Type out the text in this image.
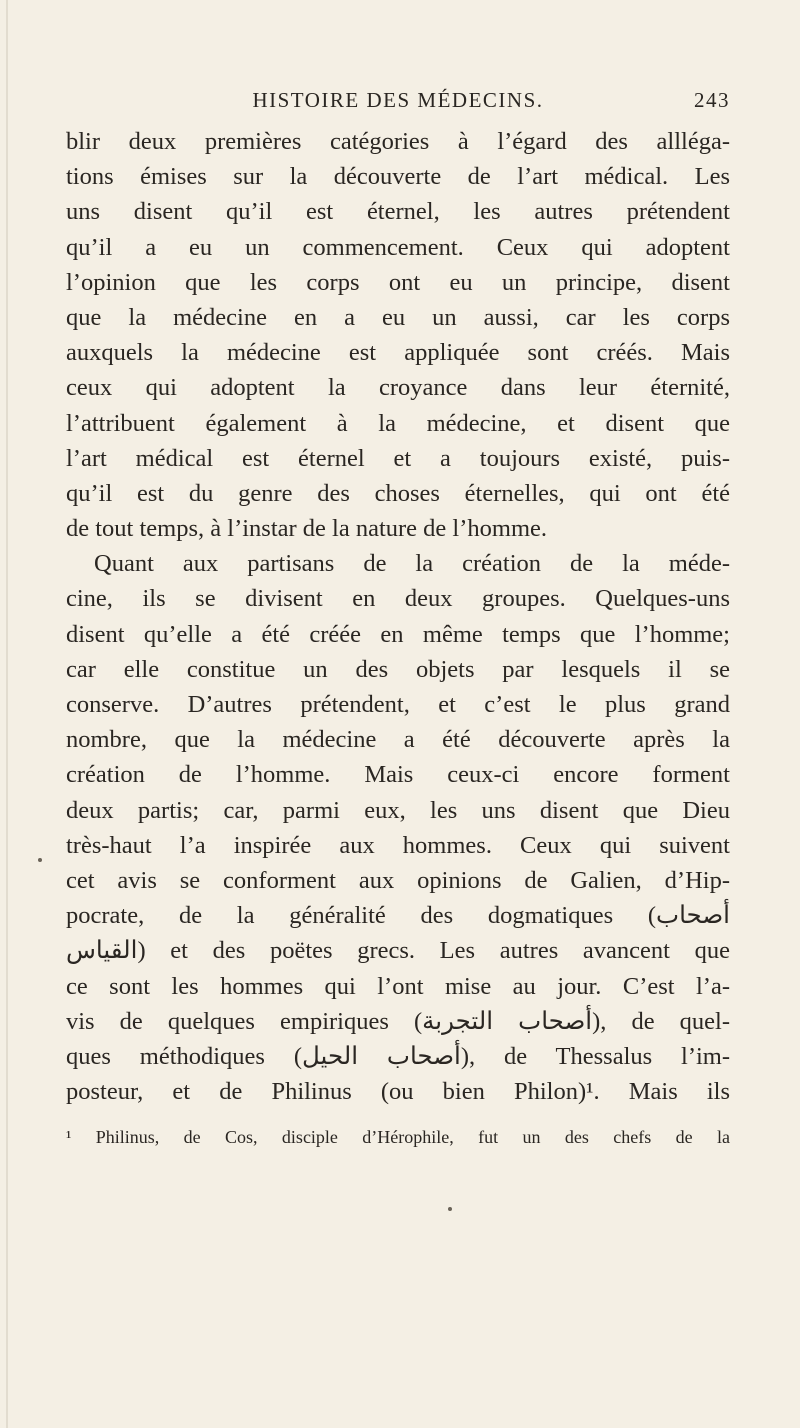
HISTOIRE DES MÉDECINS.	243
blir deux premières catégories à l’égard des allléga-
tions émises sur la découverte de l’art médical. Les
uns disent qu’il est éternel, les autres prétendent
qu’il a eu un commencement. Ceux qui adoptent
l’opinion que les corps ont eu un principe, disent
que la médecine en a eu un aussi, car les corps
auxquels la médecine est appliquée sont créés. Mais
ceux qui adoptent la croyance dans leur éternité,
l’attribuent également à la médecine, et disent que
l’art médical est éternel et a toujours existé, puis-
qu’il est du genre des choses éternelles, qui ont été
de tout temps, à l’instar de la nature de l’homme.
Quant aux partisans de la création de la méde-
cine, ils se divisent en deux groupes. Quelques-uns
disent qu’elle a été créée en même temps que l’homme;
car elle constitue un des objets par lesquels il se
conserve. D’autres prétendent, et c’est le plus grand
nombre, que la médecine a été découverte après la
création de l’homme. Mais ceux-ci encore forment
deux partis; car, parmi eux, les uns disent que Dieu
très-haut l’a inspirée aux hommes. Ceux qui suivent
cet avis se conforment aux opinions de Galien, d’Hip-
pocrate, de la généralité des dogmatiques (أصحاب
القياس) et des poëtes grecs. Les autres avancent que
ce sont les hommes qui l’ont mise au jour. C’est l’a-
vis de quelques empiriques (أصحاب التجربة), de quel-
ques méthodiques (أصحاب الحيل), de Thessalus l’im-
posteur, et de Philinus (ou bien Philon)¹. Mais ils
¹ Philinus, de Cos, disciple d’Hérophile, fut un des chefs de la
